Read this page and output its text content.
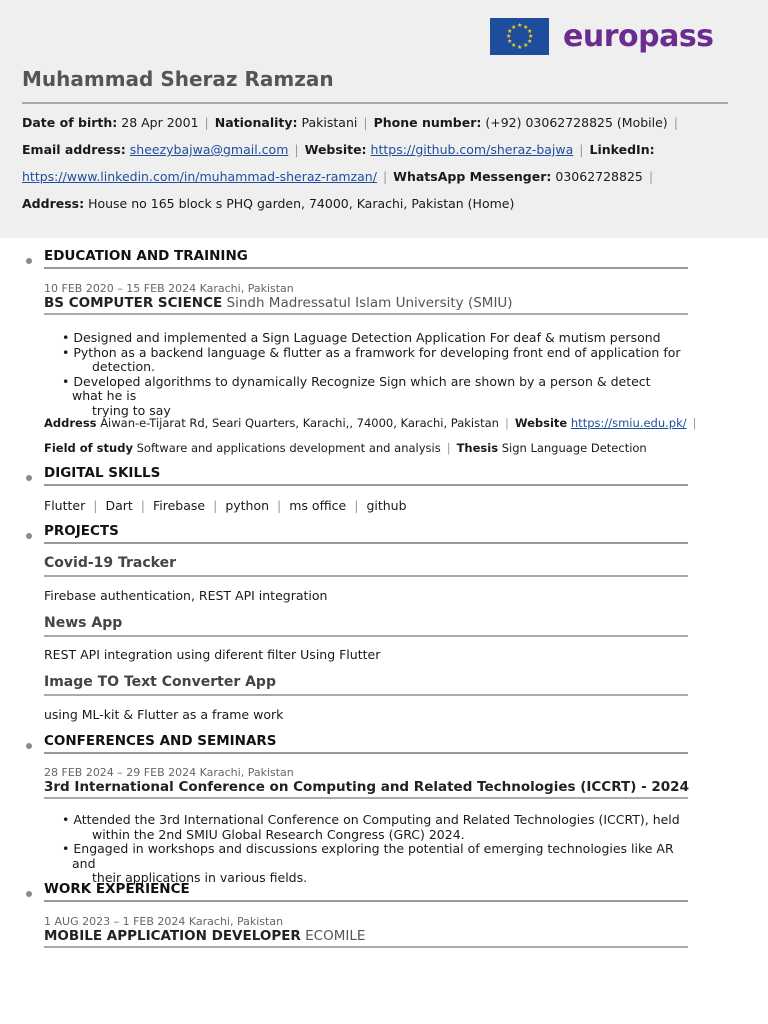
★ ★
★
★
★
★
★
★
★
★
★
★ europass
Muhammad Sheraz Ramzan
Date of birth: 28 Apr 2001 | Nationality: Pakistani | Phone number: (+92) 03062728825 (Mobile) |
Email address: sheezybajwa@gmail.com | Website: https://github.com/sheraz-bajwa | LinkedIn:
https://www.linkedin.com/in/muhammad-sheraz-ramzan/ | WhatsApp Messenger: 03062728825 |
Address: House no 165 block s PHQ garden, 74000, Karachi, Pakistan (Home)
EDUCATION AND TRAINING
10 FEB 2020 – 15 FEB 2024 Karachi, Pakistan
BS COMPUTER SCIENCE Sindh Madressatul Islam University (SMIU)
• Designed and implemented a Sign Laguage Detection Application For deaf & mutism persond
• Python as a backend language & flutter as a framwork for developing front end of application for
detection.
• Developed algorithms to dynamically Recognize Sign which are shown by a person & detect what he is
trying to say
Address Aiwan-e-Tijarat Rd, Seari Quarters, Karachi,, 74000, Karachi, Pakistan | Website https://smiu.edu.pk/ |
Field of study Software and applications development and analysis | Thesis Sign Language Detection
DIGITAL SKILLS
Flutter | Dart | Firebase | python | ms office | github
PROJECTS
Covid-19 Tracker
Firebase authentication, REST API integration
News App
REST API integration using diferent filter Using Flutter
Image TO Text Converter App
using ML-kit & Flutter as a frame work
CONFERENCES AND SEMINARS
28 FEB 2024 – 29 FEB 2024 Karachi, Pakistan
3rd International Conference on Computing and Related Technologies (ICCRT) - 2024
• Attended the 3rd International Conference on Computing and Related Technologies (ICCRT), held
within the 2nd SMIU Global Research Congress (GRC) 2024.
• Engaged in workshops and discussions exploring the potential of emerging technologies like AR and
their applications in various fields.
WORK EXPERIENCE
1 AUG 2023 – 1 FEB 2024 Karachi, Pakistan
MOBILE APPLICATION DEVELOPER ECOMILE
